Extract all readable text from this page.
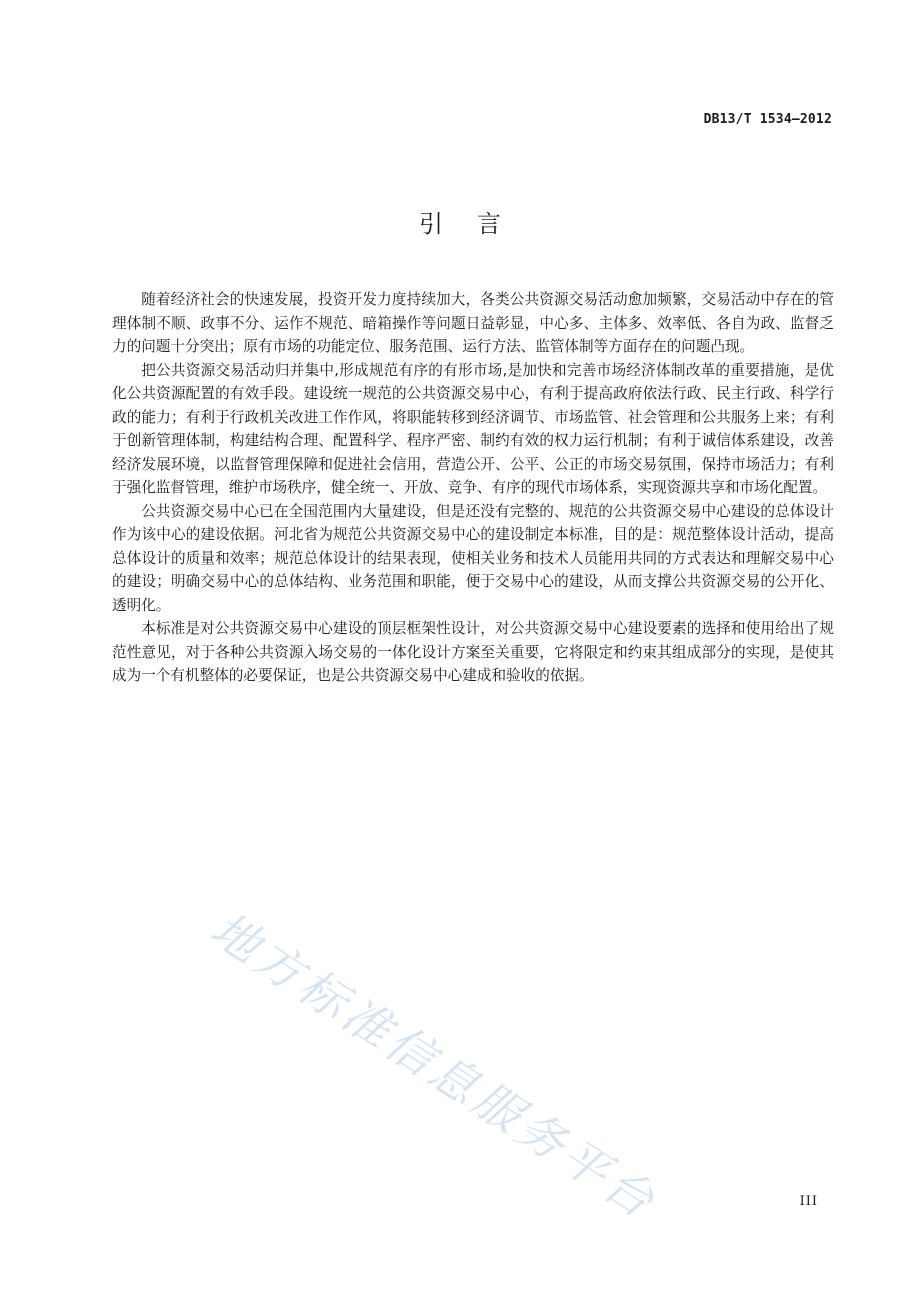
DB13/T 1534—2012
引言

随着经济社会的快速发展，投资开发力度持续加大，各类公共资源交易活动愈加频繁，交易活动中存在的管理体制不顺、政事不分、运作不规范、暗箱操作等问题日益彰显，中心多、主体多、效率低、各自为政、监督乏力的问题十分突出；原有市场的功能定位、服务范围、运行方法、监管体制等方面存在的问题凸现。

把公共资源交易活动归并集中,形成规范有序的有形市场,是加快和完善市场经济体制改革的重要措施，是优化公共资源配置的有效手段。建设统一规范的公共资源交易中心，有利于提高政府依法行政、民主行政、科学行政的能力；有利于行政机关改进工作作风，将职能转移到经济调节、市场监管、社会管理和公共服务上来；有利于创新管理体制，构建结构合理、配置科学、程序严密、制约有效的权力运行机制；有利于诚信体系建设，改善经济发展环境，以监督管理保障和促进社会信用，营造公开、公平、公正的市场交易氛围，保持市场活力；有利于强化监督管理，维护市场秩序，健全统一、开放、竞争、有序的现代市场体系，实现资源共享和市场化配置。

公共资源交易中心已在全国范围内大量建设，但是还没有完整的、规范的公共资源交易中心建设的总体设计作为该中心的建设依据。河北省为规范公共资源交易中心的建设制定本标准，目的是：规范整体设计活动，提高总体设计的质量和效率；规范总体设计的结果表现，使相关业务和技术人员能用共同的方式表达和理解交易中心的建设；明确交易中心的总体结构、业务范围和职能，便于交易中心的建设，从而支撑公共资源交易的公开化、透明化。

本标准是对公共资源交易中心建设的顶层框架性设计，对公共资源交易中心建设要素的选择和使用给出了规范性意见，对于各种公共资源入场交易的一体化设计方案至关重要，它将限定和约束其组成部分的实现，是使其成为一个有机整体的必要保证，也是公共资源交易中心建成和验收的依据。

地方标准信息服务平台	III
